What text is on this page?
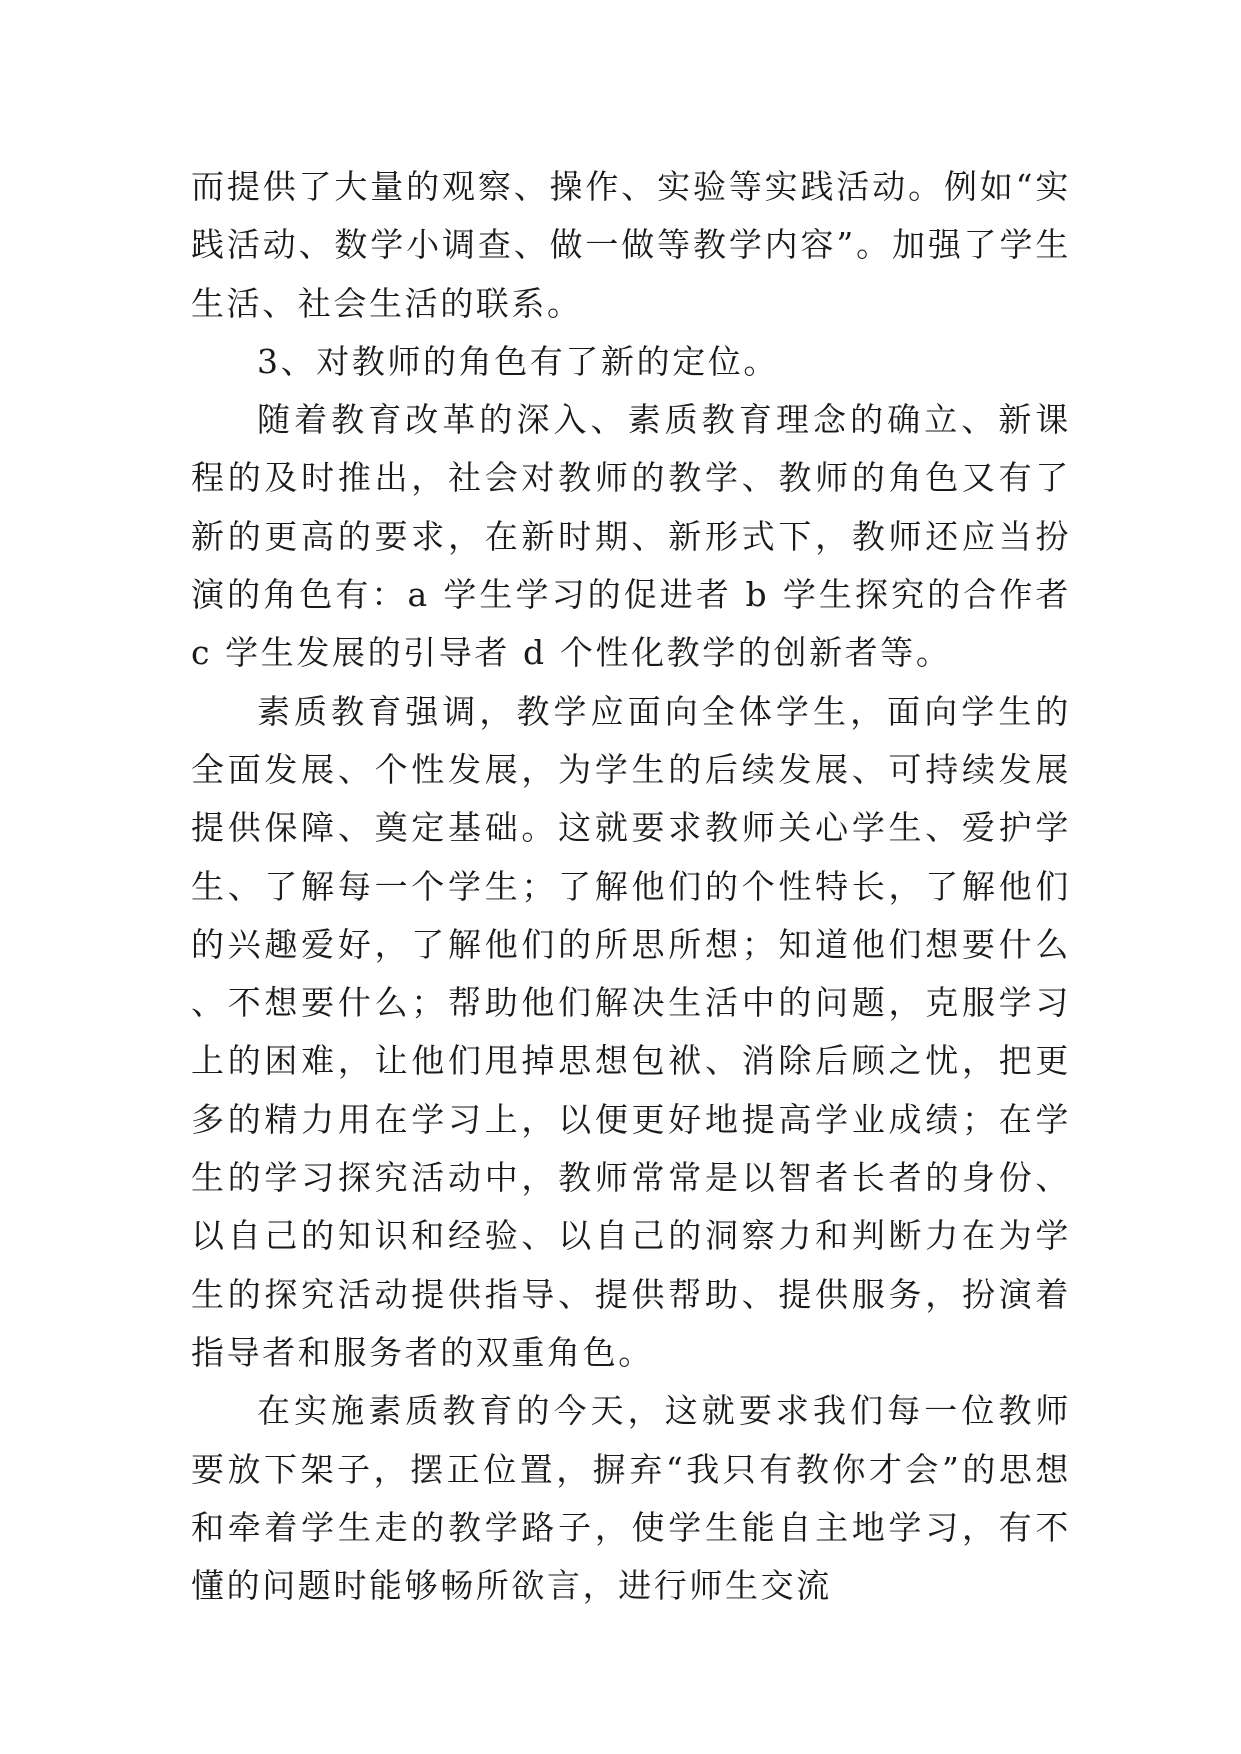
而提供了大量的观察、操作、实验等实践活动。例如“实践活动、数学小调查、做一做等教学内容”。加强了学生生活、社会生活的联系。

3、对教师的角色有了新的定位。

随着教育改革的深入、素质教育理念的确立、新课程的及时推出，社会对教师的教学、教师的角色又有了新的更高的要求，在新时期、新形式下，教师还应当扮演的角色有：a 学生学习的促进者 b 学生探究的合作者 c 学生发展的引导者 d 个性化教学的创新者等。

素质教育强调，教学应面向全体学生，面向学生的全面发展、个性发展，为学生的后续发展、可持续发展提供保障、奠定基础。这就要求教师关心学生、爱护学生、了解每一个学生；了解他们的个性特长，了解他们的兴趣爱好，了解他们的所思所想；知道他们想要什么、不想要什么；帮助他们解决生活中的问题，克服学习上的困难，让他们甩掉思想包袱、消除后顾之忧，把更多的精力用在学习上，以便更好地提高学业成绩；在学生的学习探究活动中，教师常常是以智者长者的身份、以自己的知识和经验、以自己的洞察力和判断力在为学生的探究活动提供指导、提供帮助、提供服务，扮演着指导者和服务者的双重角色。

在实施素质教育的今天，这就要求我们每一位教师要放下架子，摆正位置，摒弃“我只有教你才会”的思想和牵着学生走的教学路子，使学生能自主地学习，有不懂的问题时能够畅所欲言，进行师生交流
